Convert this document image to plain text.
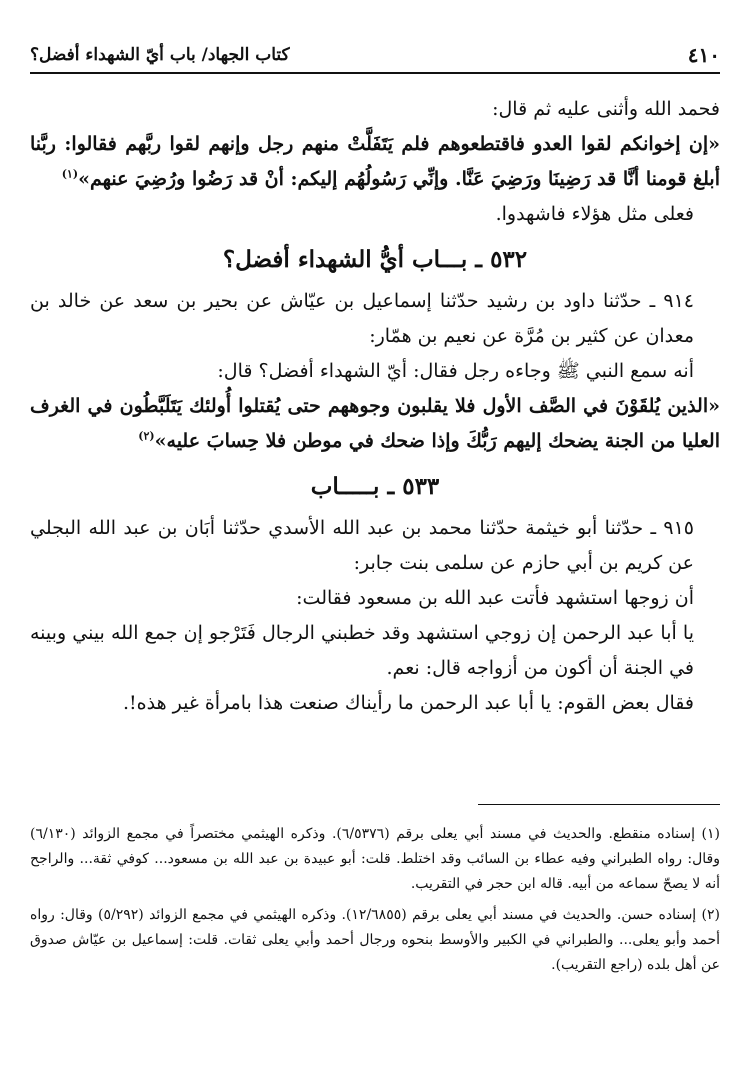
كتاب الجهاد/ باب أيّ الشهداء أفضل؟	٤١٠

فحمد الله وأثنى عليه ثم قال:

«إن إخوانكم لقوا العدو فاقتطعوهم فلم يَتَفَلَّتْ منهم رجل وإنهم لقوا ربَّهم فقالوا: ربَّنا أبلغ قومنا أنَّا قد رَضِينَا ورَضِيَ عَنَّا. وإنِّي رَسُولُهُم إليكم: أنْ قد رَضُوا ورُضِيَ عنهم»$^{(١)}$

فعلى مثل هؤلاء فاشهدوا.

٥٣٢ ـ بـــاب أيُّ الشهداء أفضل؟

٩١٤ ـ حدّثنا داود بن رشيد حدّثنا إسماعيل بن عيّاش عن بحير بن سعد عن خالد بن معدان عن كثير بن مُرَّة عن نعيم بن همّار:

أنه سمع النبي ﷺ وجاءه رجل فقال: أيّ الشهداء أفضل؟ قال:

«الذين يُلقَوْنَ في الصَّف الأول فلا يقلبون وجوههم حتى يُقتلوا أُولئك يَتَلَبَّطُون في الغرف العليا من الجنة يضحك إليهم رَبُّكَ وإذا ضحك في موطن فلا حِسابَ عليه»$^{(٢)}$

٥٣٣ ـ بـــــاب

٩١٥ ـ حدّثنا أبو خيثمة حدّثنا محمد بن عبد الله الأسدي حدّثنا أبَان بن عبد الله البجلي عن كريم بن أبي حازم عن سلمى بنت جابر:

أن زوجها استشهد فأتت عبد الله بن مسعود فقالت:

يا أبا عبد الرحمن إن زوجي استشهد وقد خطبني الرجال فَتَرْجو إن جمع الله بيني وبينه في الجنة أن أكون من أزواجه قال: نعم.

فقال بعض القوم: يا أبا عبد الرحمن ما رأيناك صنعت هذا بامرأة غير هذه!.

(١) إسناده منقطع. والحديث في مسند أبي يعلى برقم (٦/٥٣٧٦). وذكره الهيثمي مختصراً في مجمع الزوائد (٦/١٣٠) وقال: رواه الطبراني وفيه عطاء بن السائب وقد اختلط. قلت: أبو عبيدة بن عبد الله بن مسعود... كوفي ثقة... والراجح أنه لا يصحّ سماعه من أبيه. قاله ابن حجر في التقريب.

(٢) إسناده حسن. والحديث في مسند أبي يعلى برقم (١٢/٦٨٥٥). وذكره الهيثمي في مجمع الزوائد (٥/٢٩٢) وقال: رواه أحمد وأبو يعلى... والطبراني في الكبير والأوسط بنحوه ورجال أحمد وأبي يعلى ثقات. قلت: إسماعيل بن عيّاش صدوق عن أهل بلده (راجع التقريب).
